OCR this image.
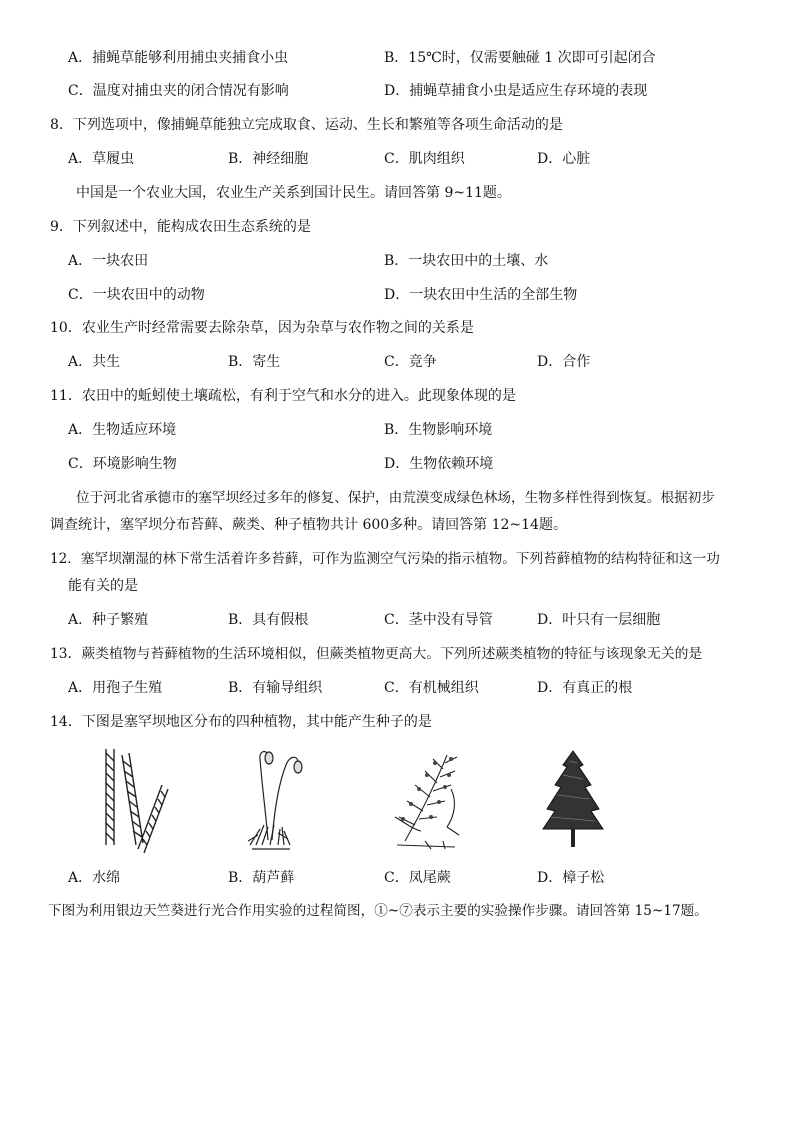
A．捕蝇草能够利用捕虫夹捕食小虫	B．15℃时，仅需要触碰 1 次即可引起闭合
C．温度对捕虫夹的闭合情况有影响	D．捕蝇草捕食小虫是适应生存环境的表现
8．下列选项中，像捕蝇草能独立完成取食、运动、生长和繁殖等各项生命活动的是
A．草履虫	B．神经细胞	C．肌肉组织	D．心脏
中国是一个农业大国，农业生产关系到国计民生。请回答第 9~11题。
9．下列叙述中，能构成农田生态系统的是
A．一块农田	B．一块农田中的土壤、水
C．一块农田中的动物	D．一块农田中生活的全部生物
10．农业生产时经常需要去除杂草，因为杂草与农作物之间的关系是
A．共生	B．寄生	C．竞争	D．合作
11．农田中的蚯蚓使土壤疏松，有利于空气和水分的进入。此现象体现的是
A．生物适应环境	B．生物影响环境
C．环境影响生物	D．生物依赖环境
位于河北省承德市的塞罕坝经过多年的修复、保护，由荒漠变成绿色林场，生物多样性得到恢复。根据初步
调查统计，塞罕坝分布苔藓、蕨类、种子植物共计 600多种。请回答第 12~14题。
12．塞罕坝潮湿的林下常生活着许多苔藓，可作为监测空气污染的指示植物。下列苔藓植物的结构特征和这一功
能有关的是
A．种子繁殖	B．具有假根	C．茎中没有导管	D．叶只有一层细胞
13．蕨类植物与苔藓植物的生活环境相似，但蕨类植物更高大。下列所述蕨类植物的特征与该现象无关的是
A．用孢子生殖	B．有输导组织	C．有机械组织	D．有真正的根
14．下图是塞罕坝地区分布的四种植物，其中能产生种子的是
A．水绵	B．葫芦藓	C．凤尾蕨	D．樟子松
下图为利用银边天竺葵进行光合作用实验的过程简图，①~⑦表示主要的实验操作步骤。请回答第 15~17题。
